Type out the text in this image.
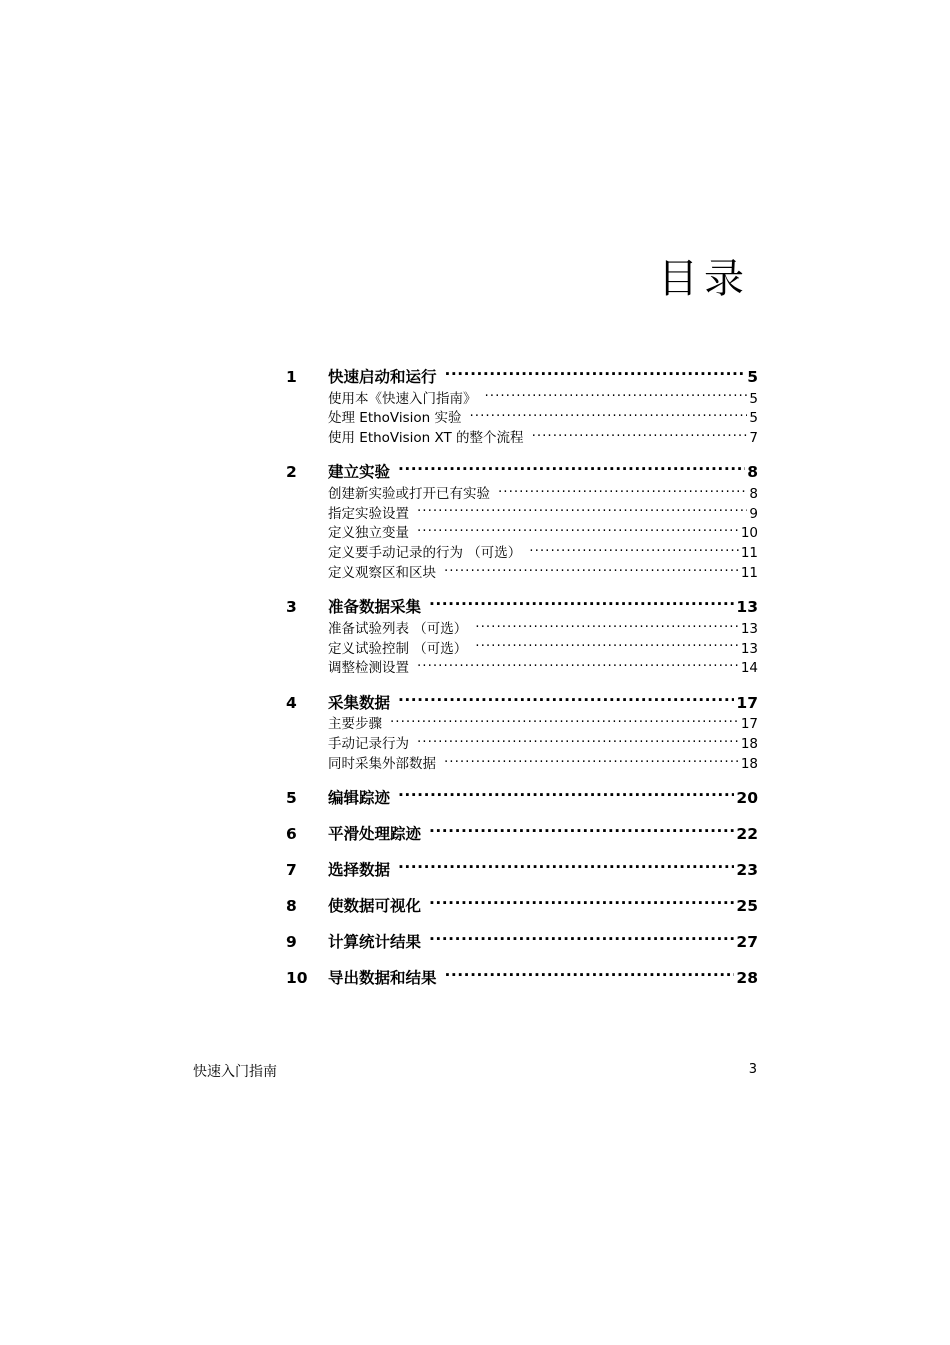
目录
1	快速启动和运行 .....	5
使用本《快速入门指南》 .....	5
处理 EthoVision 实验 .....	5
使用 EthoVision XT 的整个流程 .....	7
2	建立实验 .....	8
创建新实验或打开已有实验 .....	8
指定实验设置 .....	9
定义独立变量 .....	10
定义要手动记录的行为 （可选） .....	11
定义观察区和区块 .....	11
3	准备数据采集 .....	13
准备试验列表 （可选） .....	13
定义试验控制 （可选） .....	13
调整检测设置 .....	14
4	采集数据 .....	17
主要步骤 .....	17
手动记录行为 .....	18
同时采集外部数据 .....	18
5	编辑踪迹 .....	20
6	平滑处理踪迹 .....	22
7	选择数据 .....	23
8	使数据可视化 .....	25
9	计算统计结果 .....	27
10	导出数据和结果 .....	28
快速入门指南	3
